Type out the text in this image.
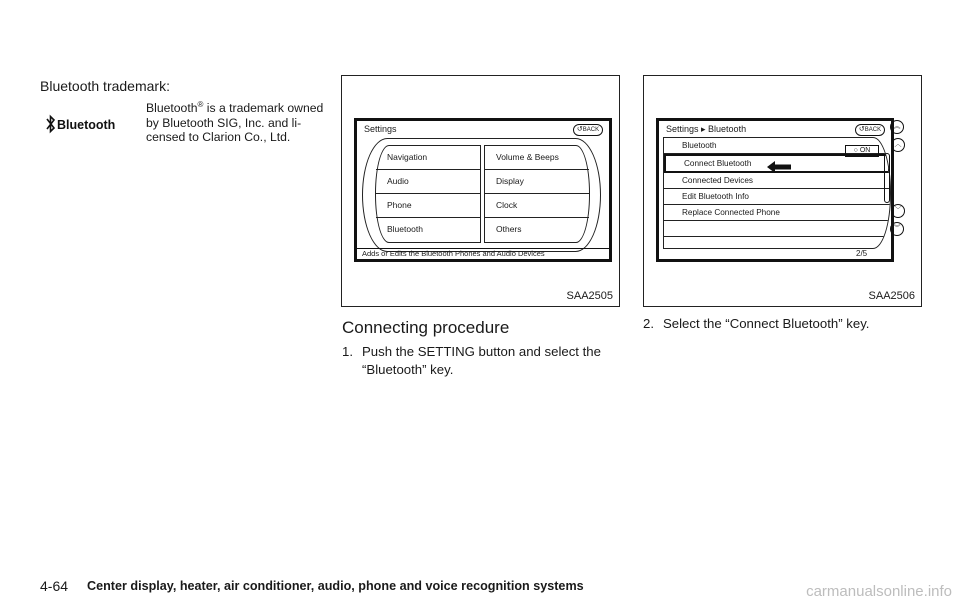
Bluetooth trademark:
Bluetooth
Bluetooth® is a trademark owned by Bluetooth SIG, Inc. and li-censed to Clarion Co., Ltd.
Settings	↺BACK
Navigation
Audio
Phone
Bluetooth
Volume & Beeps
Display
Clock
Others
Adds or Edits the Bluetooth Phones and Audio Devices
SAA2505
Settings ▸ Bluetooth	↺BACK
Bluetooth
Connect Bluetooth
Connected Devices
Edit Bluetooth Info
Replace Connected Phone
○ ON
2/5
︽
︿
﹀
︾
SAA2506
Connecting procedure
1. Push the SETTING button and select the “Bluetooth” key.
2. Select the “Connect Bluetooth” key.
4-64 Center display, heater, air conditioner, audio, phone and voice recognition systems	carmanualsonline.info
